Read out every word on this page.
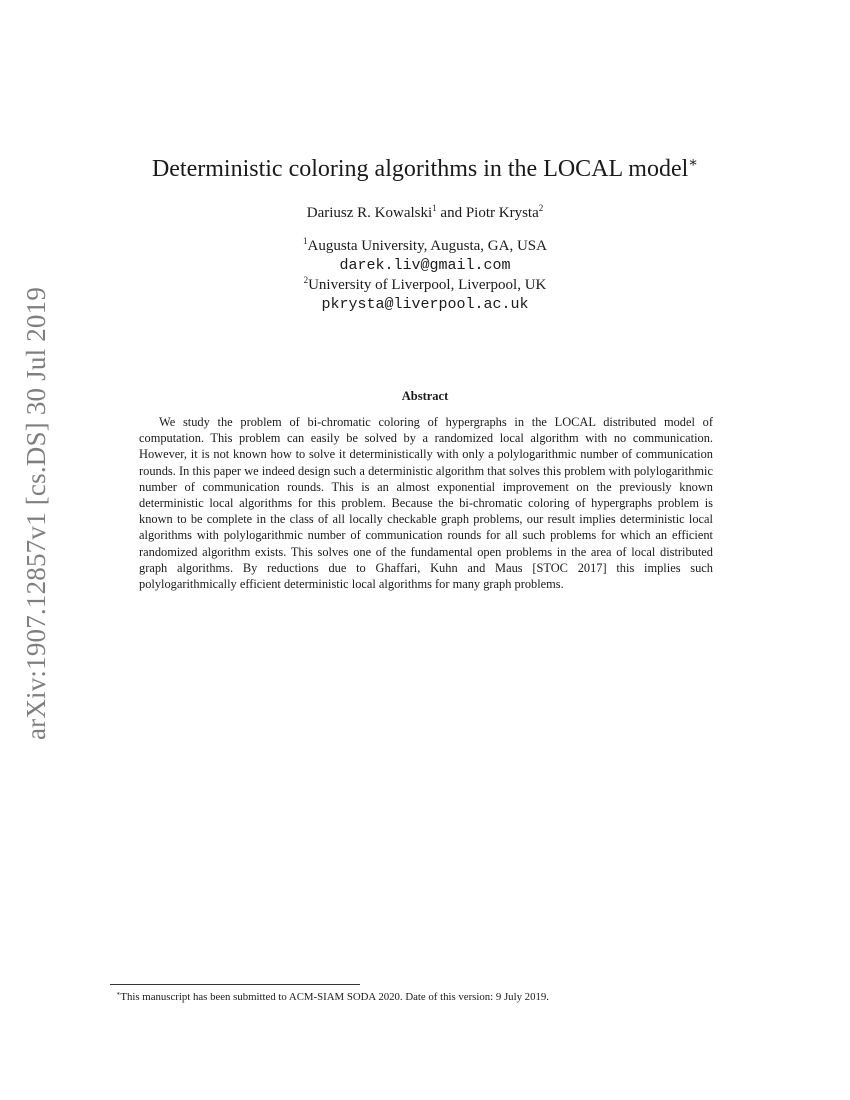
arXiv:1907.12857v1 [cs.DS] 30 Jul 2019
Deterministic coloring algorithms in the LOCAL model∗
Dariusz R. Kowalski$^1$ and Piotr Krysta$^2$
$^1$Augusta University, Augusta, GA, USA
darek.liv@gmail.com
$^2$University of Liverpool, Liverpool, UK
pkrysta@liverpool.ac.uk
Abstract

We study the problem of bi-chromatic coloring of hypergraphs in the LOCAL distributed model of computation. This problem can easily be solved by a randomized local algorithm with no communication. However, it is not known how to solve it deterministically with only a polylogarithmic number of communication rounds. In this paper we indeed design such a deterministic algorithm that solves this problem with polylogarithmic number of communication rounds. This is an almost exponential improvement on the previously known deterministic local algorithms for this problem. Because the bi-chromatic coloring of hypergraphs problem is known to be complete in the class of all locally checkable graph problems, our result implies deterministic local algorithms with polylogarithmic number of communication rounds for all such problems for which an efficient randomized algorithm exists. This solves one of the fundamental open problems in the area of local distributed graph algorithms. By reductions due to Ghaffari, Kuhn and Maus [STOC 2017] this implies such polylogarithmically efficient deterministic local algorithms for many graph problems.

∗This manuscript has been submitted to ACM-SIAM SODA 2020. Date of this version: 9 July 2019.
